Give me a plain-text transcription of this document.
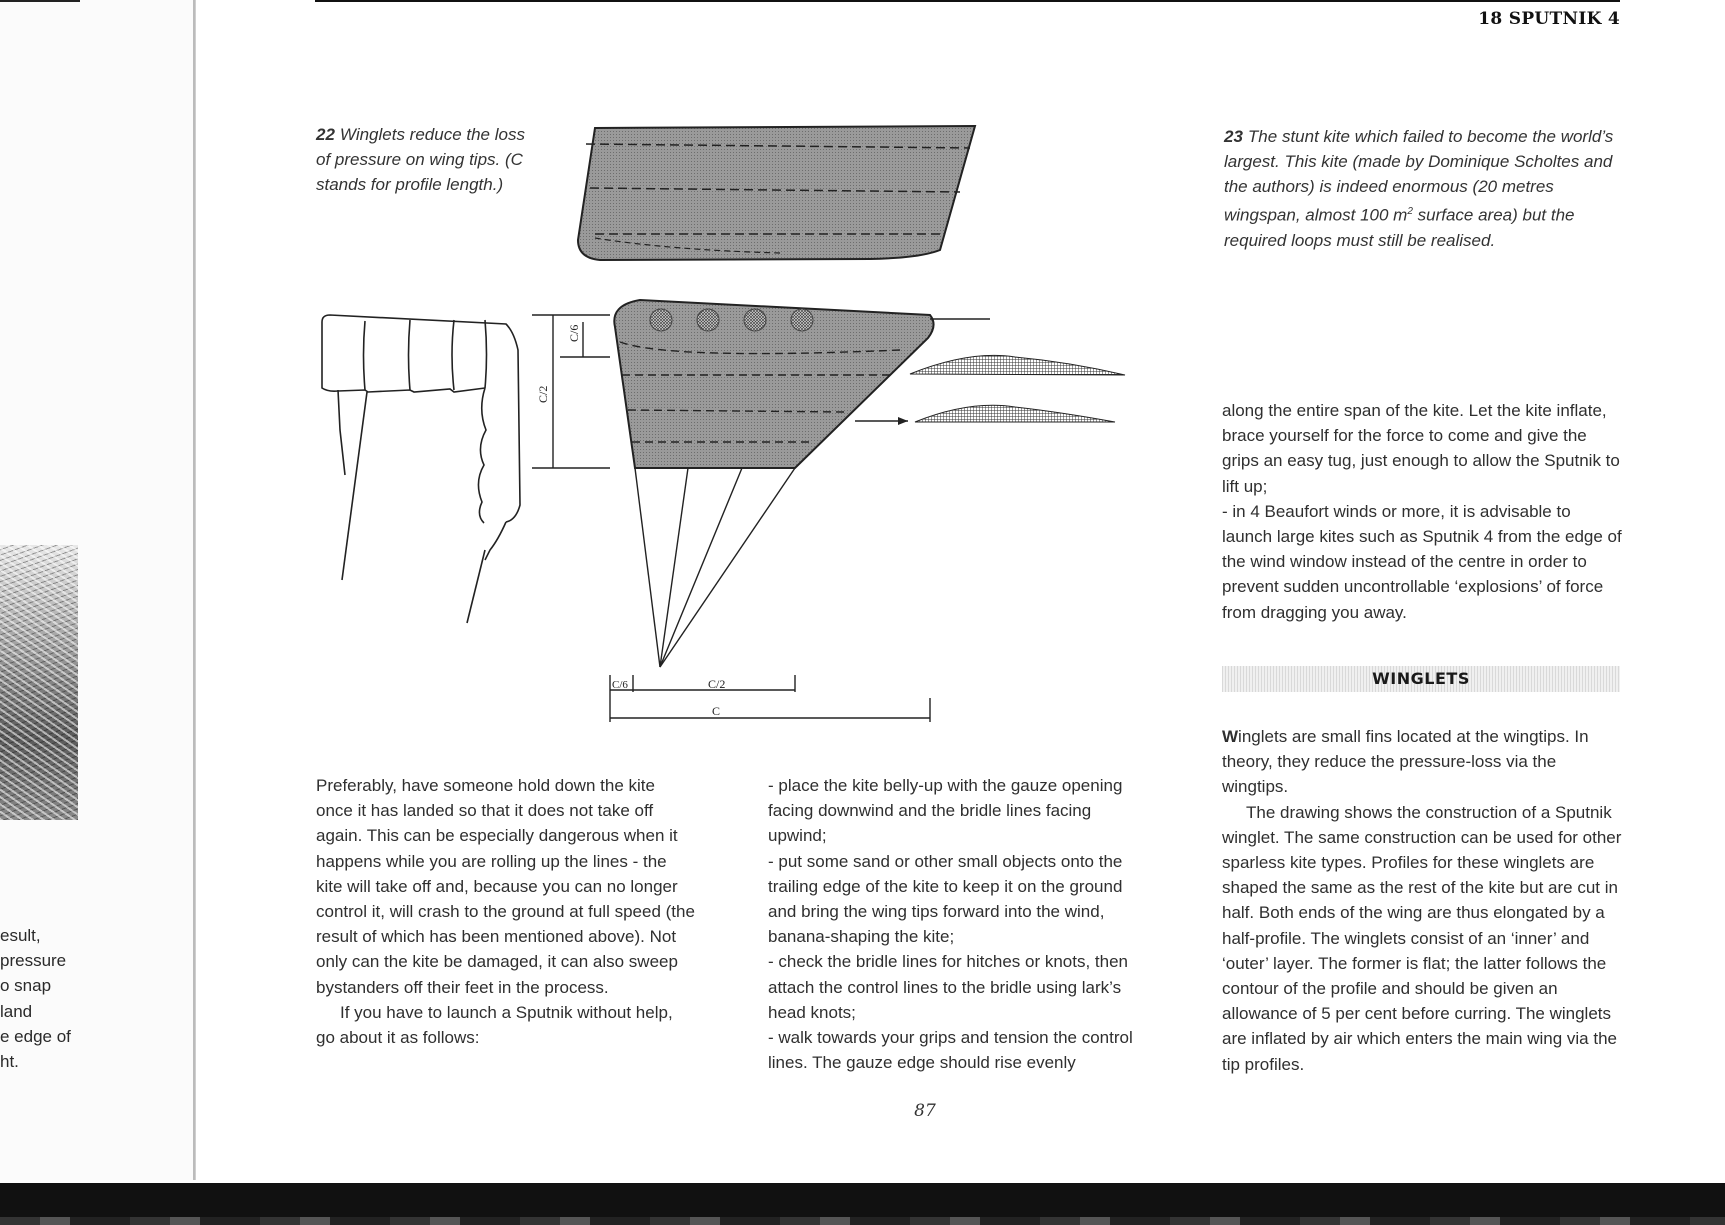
esult,
pressure
o snap
land
e edge of
ht.
18 SPUTNIK 4
22 Winglets reduce the loss of pressure on wing tips. (C stands for profile length.)
23 The stunt kite which failed to become the world’s largest. This kite (made by Dominique Scholtes and the authors) is indeed enormous (20 metres wingspan, almost 100 $m^2$ surface area) but the required loops must still be realised.
C/6
C/2
C/6	C/2
C

Preferably, have someone hold down the kite once it has landed so that it does not take off again. This can be especially dangerous when it happens while you are rolling up the lines - the kite will take off and, because you can no longer control it, will crash to the ground at full speed (the result of which has been mentioned above). Not only can the kite be damaged, it can also sweep bystanders off their feet in the process.

If you have to launch a Sputnik without help, go about it as follows:

- place the kite belly-up with the gauze opening facing downwind and the bridle lines facing upwind;

- put some sand or other small objects onto the trailing edge of the kite to keep it on the ground and bring the wing tips forward into the wind, banana-shaping the kite;

- check the bridle lines for hitches or knots, then attach the control lines to the bridle using lark’s head knots;

- walk towards your grips and tension the control lines. The gauze edge should rise evenly

along the entire span of the kite. Let the kite inflate, brace yourself for the force to come and give the grips an easy tug, just enough to allow the Sputnik to lift up;

- in 4 Beaufort winds or more, it is advisable to launch large kites such as Sputnik 4 from the edge of the wind window instead of the centre in order to prevent sudden uncontrollable ‘explosions’ of force from dragging you away.

WINGLETS

Winglets are small fins located at the wingtips. In theory, they reduce the pressure-loss via the wingtips.

The drawing shows the construction of a Sputnik winglet. The same construction can be used for other sparless kite types. Profiles for these winglets are shaped the same as the rest of the kite but are cut in half. Both ends of the wing are thus elongated by a half-profile. The winglets consist of an ‘inner’ and ‘outer’ layer. The former is flat; the latter follows the contour of the profile and should be given an allowance of 5 per cent before curring. The winglets are inflated by air which enters the main wing via the tip profiles.

87
